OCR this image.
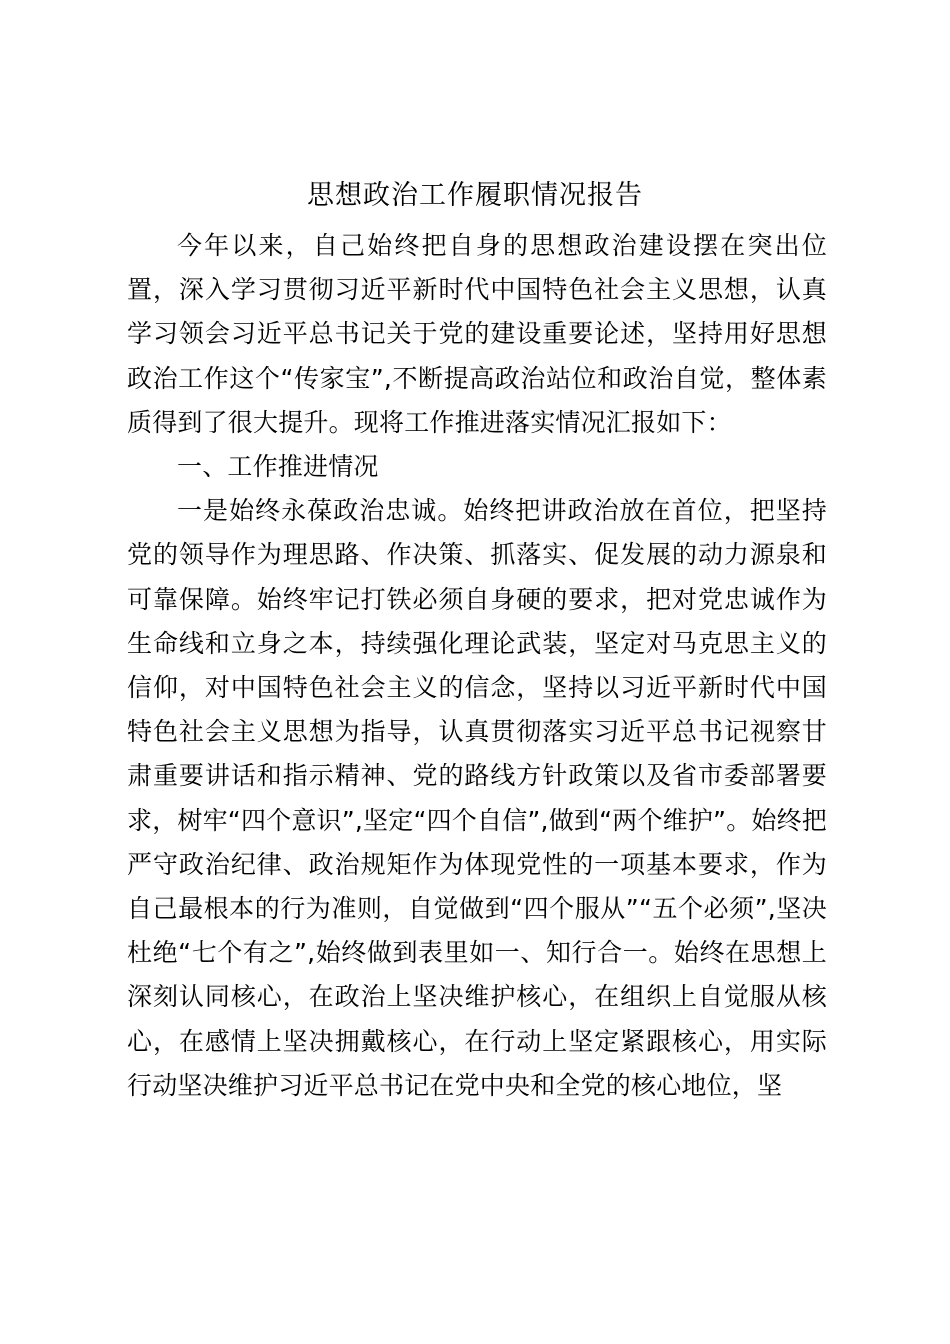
思想政治工作履职情况报告

今年以来，自己始终把自身的思想政治建设摆在突出位置，深入学习贯彻习近平新时代中国特色社会主义思想，认真学习领会习近平总书记关于党的建设重要论述，坚持用好思想政治工作这个“传家宝”,不断提高政治站位和政治自觉，整体素质得到了很大提升。现将工作推进落实情况汇报如下：

一、工作推进情况

一是始终永葆政治忠诚。始终把讲政治放在首位，把坚持党的领导作为理思路、作决策、抓落实、促发展的动力源泉和可靠保障。始终牢记打铁必须自身硬的要求，把对党忠诚作为生命线和立身之本，持续强化理论武装，坚定对马克思主义的信仰，对中国特色社会主义的信念，坚持以习近平新时代中国特色社会主义思想为指导，认真贯彻落实习近平总书记视察甘肃重要讲话和指示精神、党的路线方针政策以及省市委部署要求，树牢“四个意识”,坚定“四个自信”,做到“两个维护”。始终把严守政治纪律、政治规矩作为体现党性的一项基本要求，作为自己最根本的行为准则，自觉做到“四个服从”“五个必须”,坚决杜绝“七个有之”,始终做到表里如一、知行合一。始终在思想上深刻认同核心，在政治上坚决维护核心，在组织上自觉服从核心，在感情上坚决拥戴核心，在行动上坚定紧跟核心，用实际行动坚决维护习近平总书记在党中央和全党的核心地位，坚
